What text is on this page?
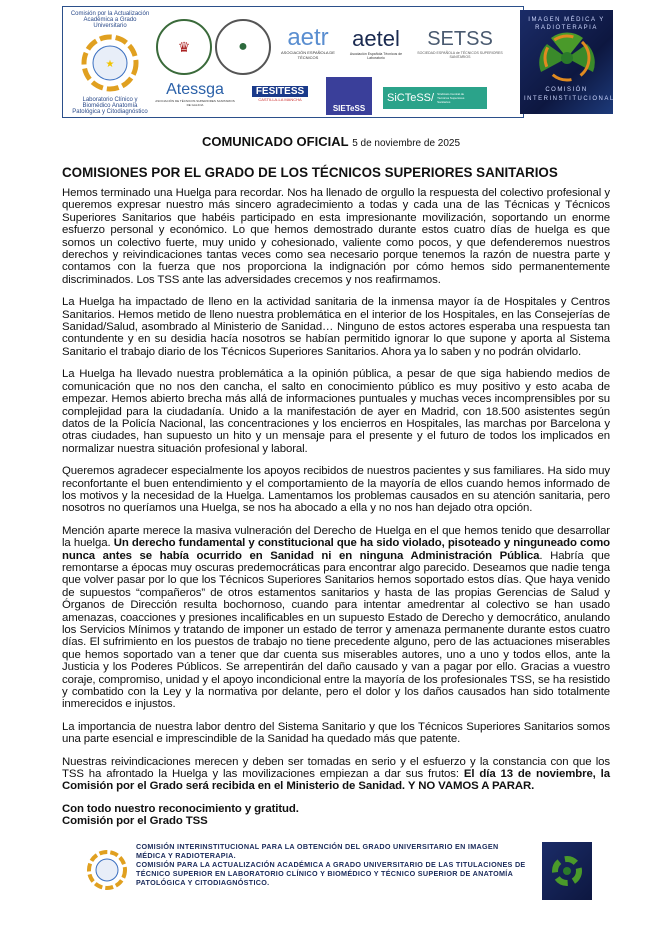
Comisión por la Actualización Académica a Grado Universitario
★
Laboratorio Clínico y Biomédico Anatomía Patológica y Citodiagnóstico
♛	● aetr
ASOCIACIÓN ESPAÑOLA DE TÉCNICOS
aetel
Asociación Española Técnicos de Laboratorio
SETSS
SOCIEDAD ESPAÑOLA de TÉCNICOS SUPERIORES SANITARIOS
Atessga
ASOCIACIÓN DE TÉCNICOS SUPERIORES SANITARIOS DE GALICIA
FESITESS
CASTILLA-LA MANCHA
SIETeSS
SiCTeSS/ Sindicato Central de Técnicos Superiores Sanitarios
IMAGEN MÉDICA Y RADIOTERAPIA
COMISIÓN INTERINSTITUCIONAL
COMUNICADO OFICIAL 5 de noviembre de 2025
COMISIONES POR EL GRADO DE LOS TÉCNICOS SUPERIORES SANITARIOS

Hemos terminado una Huelga para recordar. Nos ha llenado de orgullo la respuesta del colectivo profesional y queremos expresar nuestro más sincero agradecimiento a todas y cada una de las Técnicas y Técnicos Superiores Sanitarios que habéis participado en esta impresionante movilización, soportando un enorme esfuerzo personal y económico. Lo que hemos demostrado durante estos cuatro días de huelga es que somos un colectivo fuerte, muy unido y cohesionado, valiente como pocos, y que defenderemos nuestros derechos y reivindicaciones tantas veces como sea necesario porque tenemos la razón de nuestra parte y contamos con la fuerza que nos proporciona la indignación por cómo hemos sido permanentemente discriminados. Los TSS ante las adversidades crecemos y nos reafirmamos.

La Huelga ha impactado de lleno en la actividad sanitaria de la inmensa mayor ía de Hospitales y Centros Sanitarios. Hemos metido de lleno nuestra problemática en el interior de los Hospitales, en las Consejerías de Sanidad/Salud, asombrado al Ministerio de Sanidad… Ninguno de estos actores esperaba una respuesta tan contundente y en su desidia hacía nosotros se habían permitido ignorar lo que supone y aporta al Sistema Sanitario el trabajo diario de los Técnicos Superiores Sanitarios. Ahora ya lo saben y no podrán olvidarlo.

La Huelga ha llevado nuestra problemática a la opinión pública, a pesar de que siga habiendo medios de comunicación que no nos den cancha, el salto en conocimiento público es muy positivo y esto acaba de empezar. Hemos abierto brecha más allá de informaciones puntuales y muchas veces incomprensibles por su complejidad para la ciudadanía. Unido a la manifestación de ayer en Madrid, con 18.500 asistentes según datos de la Policía Nacional, las concentraciones y los encierros en Hospitales, las marchas por Barcelona y otras ciudades, han supuesto un hito y un mensaje para el presente y el futuro de todos los implicados en normalizar nuestra situación profesional y laboral.

Queremos agradecer especialmente los apoyos recibidos de nuestros pacientes y sus familiares. Ha sido muy reconfortante el buen entendimiento y el comportamiento de la mayoría de ellos cuando hemos informado de los motivos y la necesidad de la Huelga. Lamentamos los problemas causados en su atención sanitaria, pero nosotros no queríamos una Huelga, se nos ha abocado a ella y no nos han dejado otra opción.

Mención aparte merece la masiva vulneración del Derecho de Huelga en el que hemos tenido que desarrollar la huelga. Un derecho fundamental y constitucional que ha sido violado, pisoteado y ninguneado como nunca antes se había ocurrido en Sanidad ni en ninguna Administración Pública. Habría que remontarse a épocas muy oscuras predemocráticas para encontrar algo parecido. Deseamos que nadie tenga que volver pasar por lo que los Técnicos Superiores Sanitarios hemos soportado estos días. Que haya venido de supuestos “compañeros” de otros estamentos sanitarios y hasta de las propias Gerencias de Salud y Órganos de Dirección resulta bochornoso, cuando para intentar amedrentar al colectivo se han usado amenazas, coacciones y presiones incalificables en un supuesto Estado de Derecho y democrático, anulando los Servicios Mínimos y tratando de imponer un estado de terror y amenaza permanente durante estos cuatro días. El sufrimiento en los puestos de trabajo no tiene precedente alguno, pero de las actuaciones miserables que hemos soportado van a tener que dar cuenta sus miserables autores, uno a uno y todos ellos, ante la Justicia y los Poderes Públicos. Se arrepentirán del daño causado y van a pagar por ello. Gracias a vuestro coraje, compromiso, unidad y el apoyo incondicional entre la mayoría de los profesionales TSS, se ha resistido y combatido con la Ley y la normativa por delante, pero el dolor y los daños causados han sido totalmente inmerecidos e injustos.

La importancia de nuestra labor dentro del Sistema Sanitario y que los Técnicos Superiores Sanitarios somos una parte esencial e imprescindible de la Sanidad ha quedado más que patente.

Nuestras reivindicaciones merecen y deben ser tomadas en serio y el esfuerzo y la constancia con que los TSS ha afrontado la Huelga y las movilizaciones empiezan a dar sus frutos: El día 13 de noviembre, la Comisión por el Grado será recibida en el Ministerio de Sanidad. Y NO VAMOS A PARAR.

Con todo nuestro reconocimiento y gratitud.
Comisión por el Grado TSS
COMISIÓN INTERINSTITUCIONAL PARA LA OBTENCIÓN DEL GRADO UNIVERSITARIO EN IMAGEN MÉDICA Y RADIOTERAPIA.
COMISIÓN PARA LA ACTUALIZACIÓN ACADÉMICA A GRADO UNIVERSITARIO DE LAS TITULACIONES DE TÉCNICO SUPERIOR EN LABORATORIO CLÍNICO Y BIOMÉDICO Y TÉCNICO SUPERIOR DE ANATOMÍA PATOLÓGICA Y CITODIAGNÓSTICO.
